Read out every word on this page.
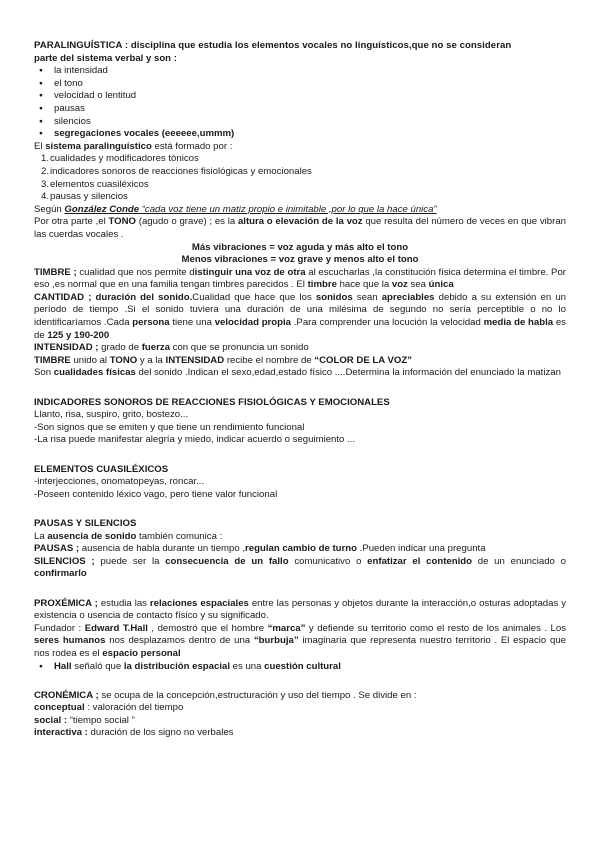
PARALINGUÍSTICA : disciplina que estudia los elementos vocales no linguísticos,que no se consideran

parte del sistema verbal y son :

● la intensidad
● el tono
● velocidad o lentitud
● pausas
● silencios
● segregaciones vocales (eeeeee,ummm)

El sistema paralinguístico está formado por :

1. cualidades y modificadores tónicos
2. indicadores sonoros de reacciones fisiológicas y emocionales
3. elementos cuasiléxicos
4. pausas y silencios

Según González Conde “cada voz tiene un matiz propio e inimitable ,por lo que la hace única”

Por otra parte ,el TONO (agudo o grave) ; es la altura o elevación de la voz que resulta del número de veces en que vibran las cuerdas vocales .

Más vibraciones = voz aguda y más alto el tono

Menos vibraciones = voz grave y menos alto el tono

TIMBRE ; cualidad que nos permite distinguir una voz de otra al escucharlas ,la constitución física determina el timbre. Por eso ,es normal que en una familia tengan timbres parecidos . El timbre hace que la voz sea única

CANTIDAD ; duración del sonido.Cualidad que hace que los sonidos sean apreciables debido a su extensión en un período de tiempo .Si el sonido tuviera una duración de una milésima de segundo no sería perceptible o no lo identificaríamos .Cada persona tiene una velocidad propia .Para comprender una locución la velocidad media de habla es de 125 y 190-200

INTENSIDAD ; grado de fuerza con que se pronuncia un sonido

TIMBRE unido al TONO y a la INTENSIDAD recibe el nombre de “COLOR DE LA VOZ”

Son cualidades físicas del sonido .Indican el sexo,edad,estado físico ....Determina la información del enunciado la matizan

INDICADORES SONOROS DE REACCIONES FISIOLÓGICAS Y EMOCIONALES

Llanto, risa, suspiro, grito, bostezo...

-Son signos que se emiten y que tiene un rendimiento funcional

-La risa puede manifestar alegría y miedo, indicar acuerdo o seguimiento ...

ELEMENTOS CUASILÉXICOS

-interjecciones, onomatopeyas, roncar...

-Poseen contenido léxico vago, pero tiene valor funcional

PAUSAS Y SILENCIOS

La ausencia de sonido también comunica :

PAUSAS ; ausencia de habla durante un tiempo ,regulan cambio de turno .Pueden indicar una pregunta

SILENCIOS ; puede ser la consecuencia de un fallo comunicativo o enfatizar el contenido de un enunciado o confirmarlo

PROXÉMICA ; estudia las relaciones espaciales entre las personas y objetos durante la interacción,o osturas adoptadas y existencia o usencia de contacto físico y su significado.

Fundador : Edward T.Hall , demostró que el hombre “marca” y defiende su territorio como el resto de los animales . Los seres humanos nos desplazamos dentro de una “burbuja” imaginaria que representa nuestro territorio . El espacio que nos rodea es el espacio personal

● Hall señaló que la distribución espacial es una cuestión cultural

CRONÉMICA ; se ocupa de la concepción,estructuración y uso del tiempo . Se divide en :

conceptual : valoración del tiempo

social : “tiempo social ”

interactiva : duración de los signo no verbales
